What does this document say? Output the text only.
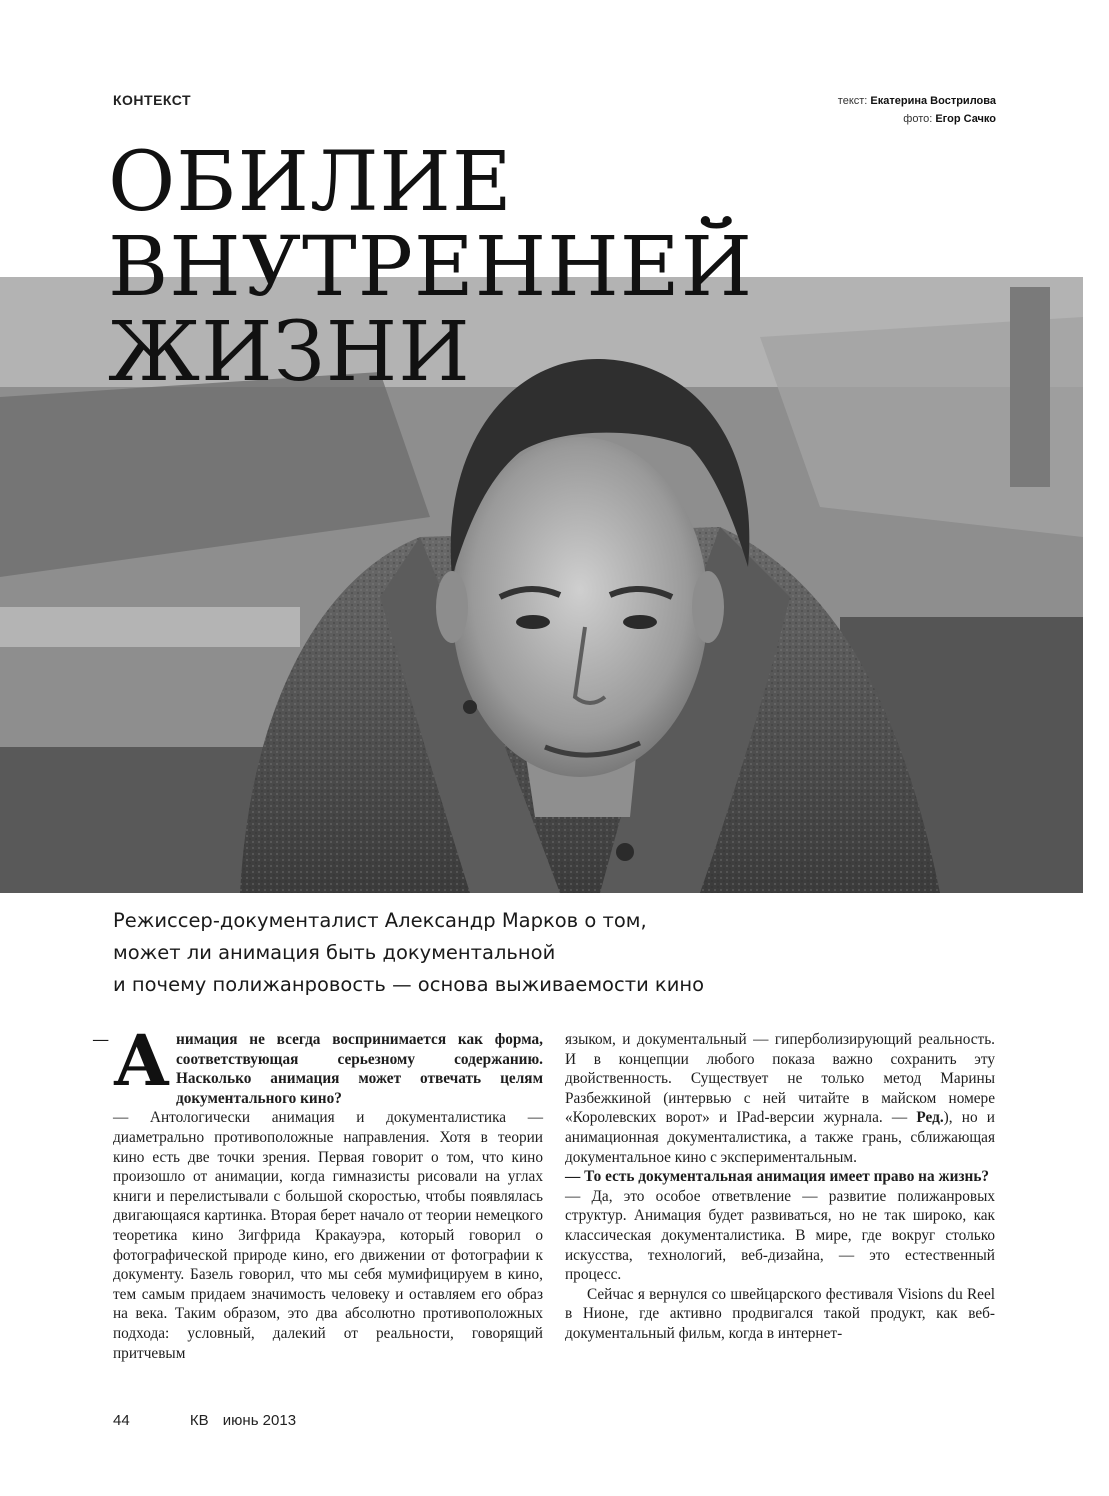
КОНТЕКСТ	текст: Екатерина Вострилова
фото: Егор Сачко
ОБИЛИЕ
ВНУТРЕННЕЙ
ЖИЗНИ
Режиссер-документалист Александр Марков о том,
может ли анимация быть документальной
и почему полижанровость — основа выживаемости кино
— Анимация не всегда воспринимается как форма, соответствующая серьезному содержанию. Насколько анимация может отвечать целям документального кино?

— Антологически анимация и документалистика — диаметрально противоположные направления. Хотя в теории кино есть две точки зрения. Первая говорит о том, что кино произошло от анимации, когда гимназисты рисовали на углах книги и перелистывали с большой скоростью, чтобы появлялась двигающаяся картинка. Вторая берет начало от теории немецкого теоретика кино Зигфрида Кракауэра, который говорил о фотографической природе кино, его движении от фотографии к документу. Базель говорил, что мы себя мумифицируем в кино, тем самым придаем значимость человеку и оставляем его образ на века. Таким образом, это два абсолютно противоположных подхода: условный, далекий от реальности, говорящий притчевым

языком, и документальный — гиперболизирующий реальность. И в концепции любого показа важно сохранить эту двойственность. Существует не только метод Марины Разбежкиной (интервью с ней читайте в майском номере «Королевских ворот» и IPad-версии журнала. — Ред.), но и анимационная документалистика, а также грань, сближающая документальное кино с экспериментальным.

— То есть документальная анимация имеет право на жизнь?

— Да, это особое ответвление — развитие полижанровых структур. Анимация будет развиваться, но не так широко, как классическая документалистика. В мире, где вокруг столько искусства, технологий, веб-дизайна, — это естественный процесс.

Сейчас я вернулся со швейцарского фестиваля Visions du Reel в Нионе, где активно продвигался такой продукт, как веб-документальный фильм, когда в интернет-

44	КВ июнь 2013
